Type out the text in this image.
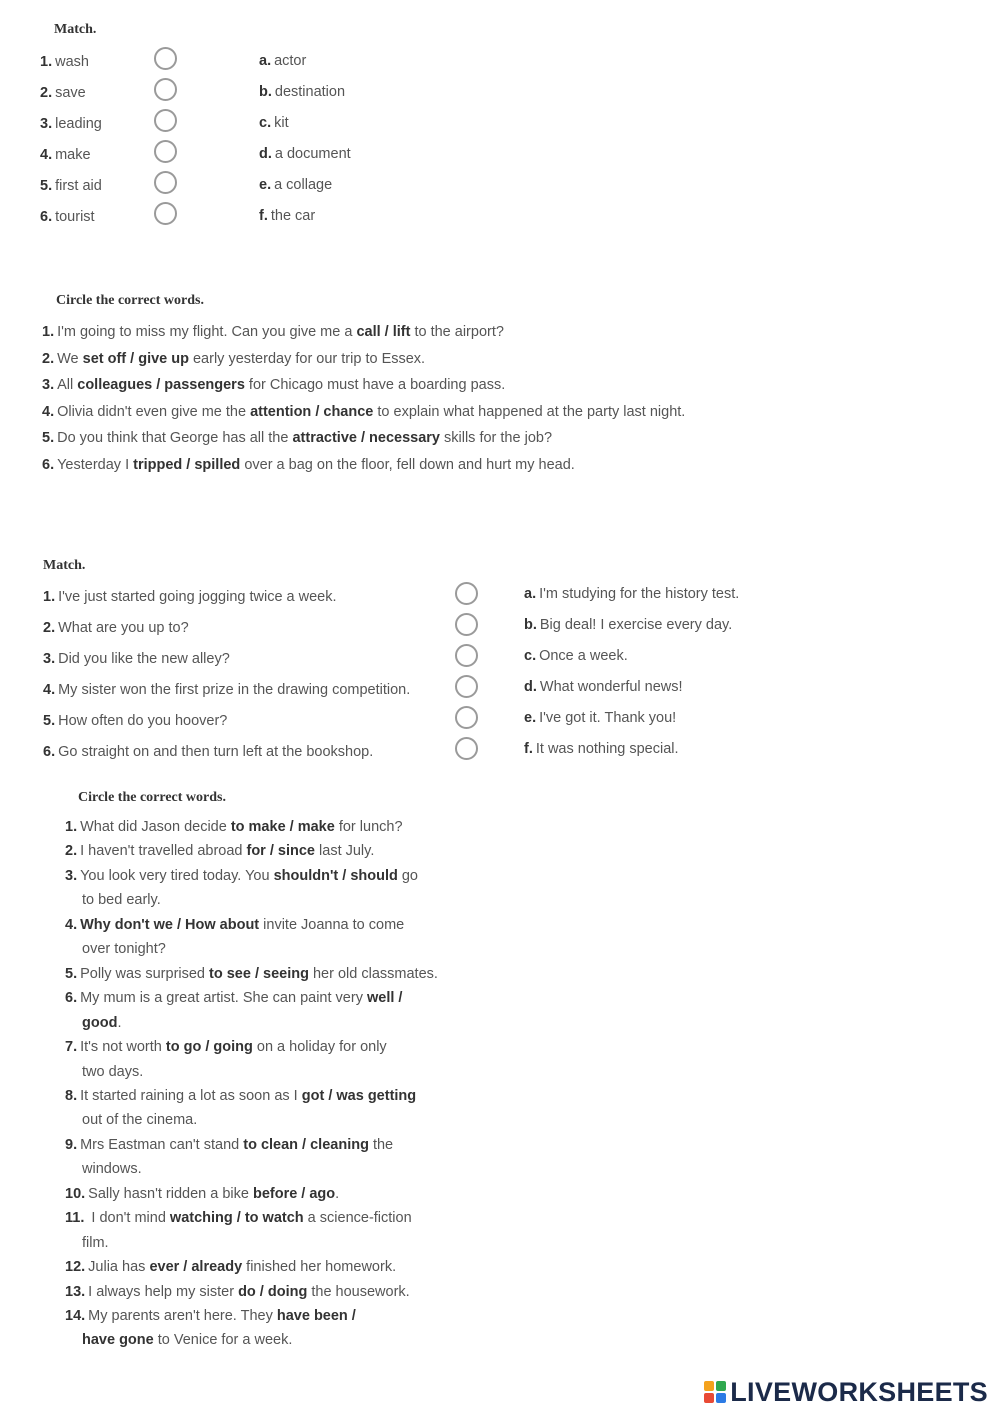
Match.
1. wash
2. save
3. leading
4. make
5. first aid
6. tourist
a. actor
b. destination
c. kit
d. a document
e. a collage
f. the car
Circle the correct words.
1. I'm going to miss my flight. Can you give me a call / lift to the airport?
2. We set off / give up early yesterday for our trip to Essex.
3. All colleagues / passengers for Chicago must have a boarding pass.
4. Olivia didn't even give me the attention / chance to explain what happened at the party last night.
5. Do you think that George has all the attractive / necessary skills for the job?
6. Yesterday I tripped / spilled over a bag on the floor, fell down and hurt my head.
Match.
1. I've just started going jogging twice a week.
2. What are you up to?
3. Did you like the new alley?
4. My sister won the first prize in the drawing competition.
5. How often do you hoover?
6. Go straight on and then turn left at the bookshop.
a. I'm studying for the history test.
b. Big deal! I exercise every day.
c. Once a week.
d. What wonderful news!
e. I've got it. Thank you!
f. It was nothing special.
Circle the correct words.
1. What did Jason decide to make / make for lunch?
2. I haven't travelled abroad for / since last July.
3. You look very tired today. You shouldn't / should go
to bed early.
4. Why don't we / How about invite Joanna to come
over tonight?
5. Polly was surprised to see / seeing her old classmates.
6. My mum is a great artist. She can paint very well /
good.
7. It's not worth to go / going on a holiday for only
two days.
8. It started raining a lot as soon as I got / was getting
out of the cinema.
9. Mrs Eastman can't stand to clean / cleaning the
windows.
10. Sally hasn't ridden a bike before / ago.
11. I don't mind watching / to watch a science-fiction
film.
12. Julia has ever / already finished her homework.
13. I always help my sister do / doing the housework.
14. My parents aren't here. They have been /
have gone to Venice for a week.
LIVEWORKSHEETS
